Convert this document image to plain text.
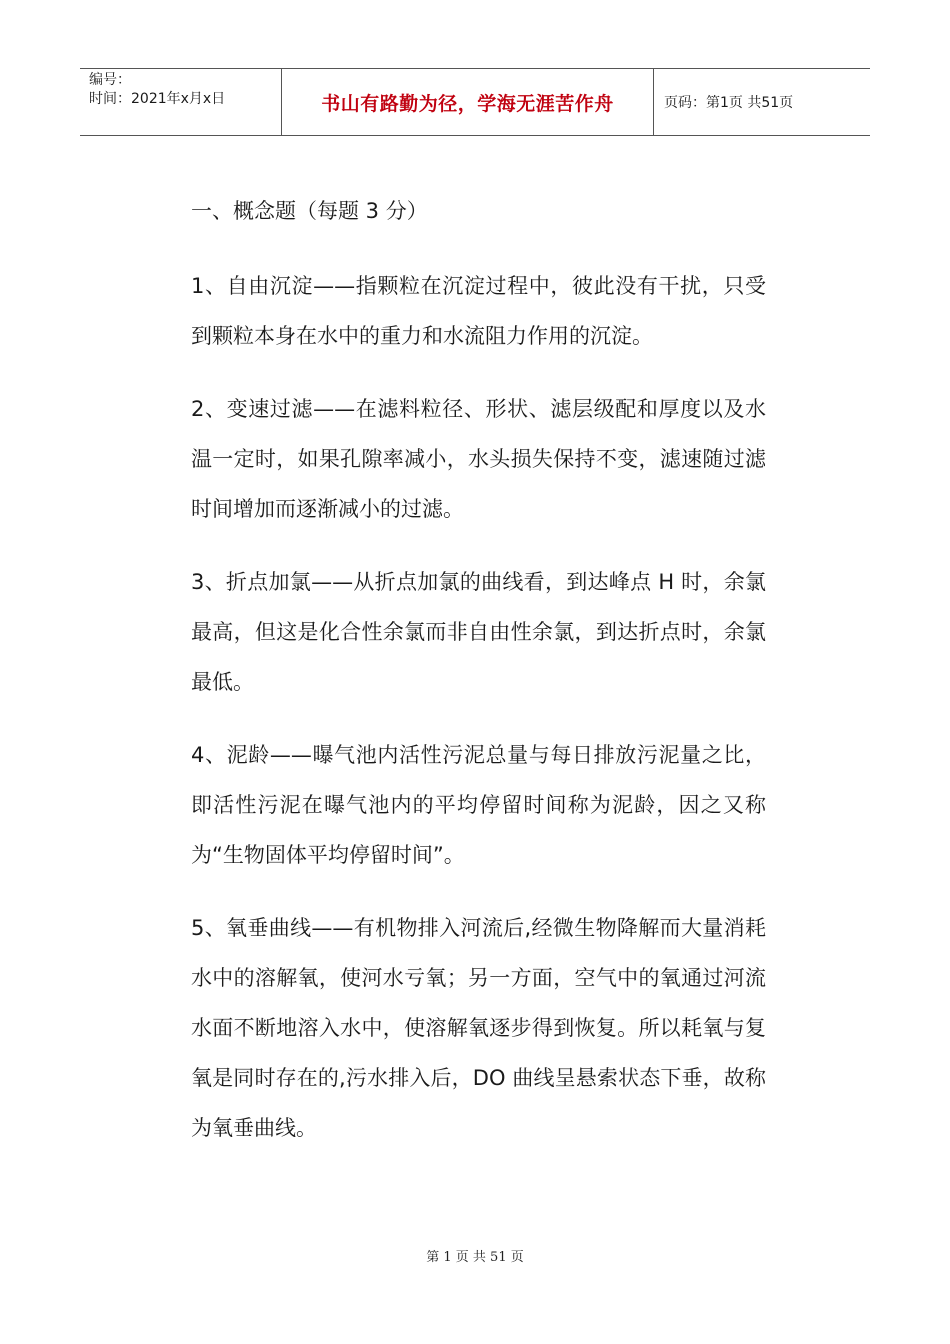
编号：
时间：2021年x月x日	书山有路勤为径，学海无涯苦作舟	页码：第1页 共51页
一、概念题（每题 3 分）
1、自由沉淀——指颗粒在沉淀过程中，彼此没有干扰，只受到颗粒本身在水中的重力和水流阻力作用的沉淀。
2、变速过滤——在滤料粒径、形状、滤层级配和厚度以及水温一定时，如果孔隙率减小，水头损失保持不变，滤速随过滤时间增加而逐渐减小的过滤。
3、折点加氯——从折点加氯的曲线看，到达峰点 H 时，余氯最高，但这是化合性余氯而非自由性余氯，到达折点时，余氯最低。
4、泥龄——曝气池内活性污泥总量与每日排放污泥量之比，即活性污泥在曝气池内的平均停留时间称为泥龄，因之又称为“生物固体平均停留时间”。
5、氧垂曲线——有机物排入河流后,经微生物降解而大量消耗水中的溶解氧，使河水亏氧；另一方面，空气中的氧通过河流水面不断地溶入水中，使溶解氧逐步得到恢复。所以耗氧与复氧是同时存在的,污水排入后，DO 曲线呈悬索状态下垂，故称为氧垂曲线。
第 1 页 共 51 页
